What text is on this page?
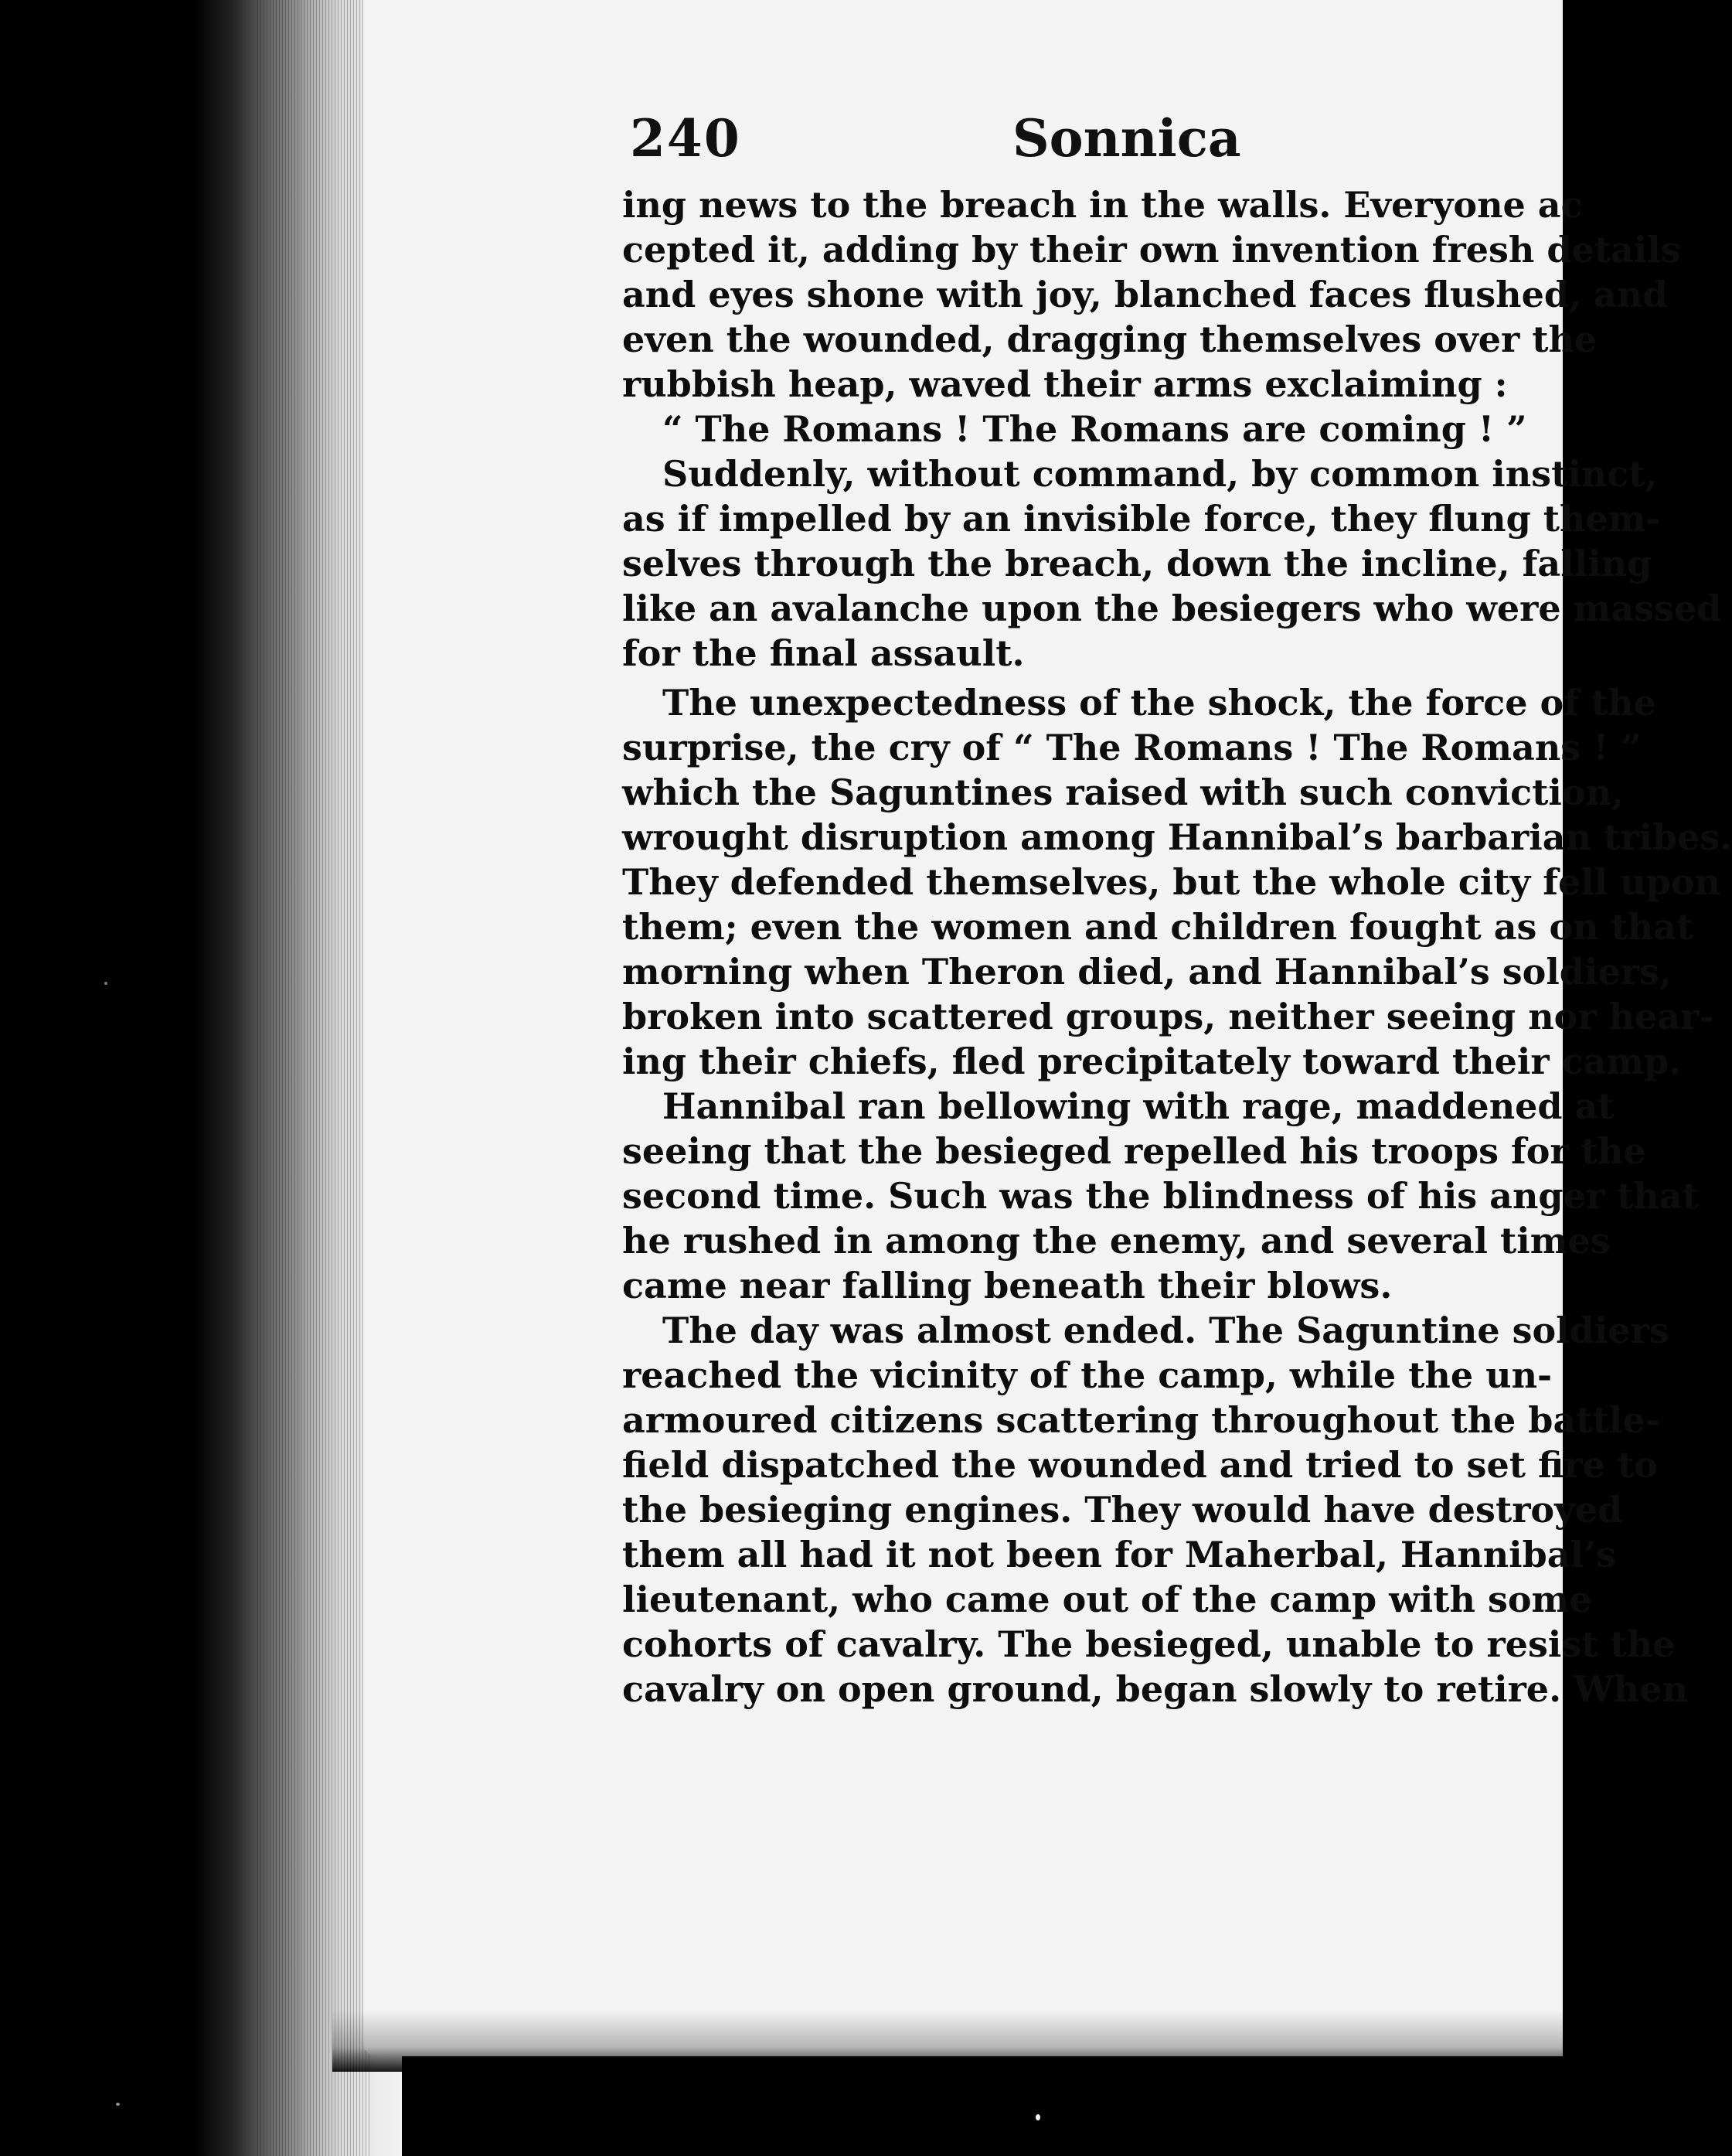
240	Sonnica
ing news to the breach in the walls. Everyone ac
cepted it, adding by their own invention fresh details
and eyes shone with joy, blanched faces flushed, and
even the wounded, dragging themselves over the
rubbish heap, waved their arms exclaiming :
“ The Romans ! The Romans are coming ! ”
Suddenly, without command, by common instinct,
as if impelled by an invisible force, they flung them-
selves through the breach, down the incline, falling
like an avalanche upon the besiegers who were massed
for the final assault.
The unexpectedness of the shock, the force of the
surprise, the cry of “ The Romans ! The Romans ! ”
which the Saguntines raised with such conviction,
wrought disruption among Hannibal’s barbarian tribes.
They defended themselves, but the whole city fell upon
them; even the women and children fought as on that
morning when Theron died, and Hannibal’s soldiers,
broken into scattered groups, neither seeing nor hear-
ing their chiefs, fled precipitately toward their camp.
Hannibal ran bellowing with rage, maddened at
seeing that the besieged repelled his troops for the
second time. Such was the blindness of his anger that
he rushed in among the enemy, and several times
came near falling beneath their blows.
The day was almost ended. The Saguntine soldiers
reached the vicinity of the camp, while the un-
armoured citizens scattering throughout the battle-
field dispatched the wounded and tried to set fire to
the besieging engines. They would have destroyed
them all had it not been for Maherbal, Hannibal’s
lieutenant, who came out of the camp with some
cohorts of cavalry. The besieged, unable to resist the
cavalry on open ground, began slowly to retire. When
